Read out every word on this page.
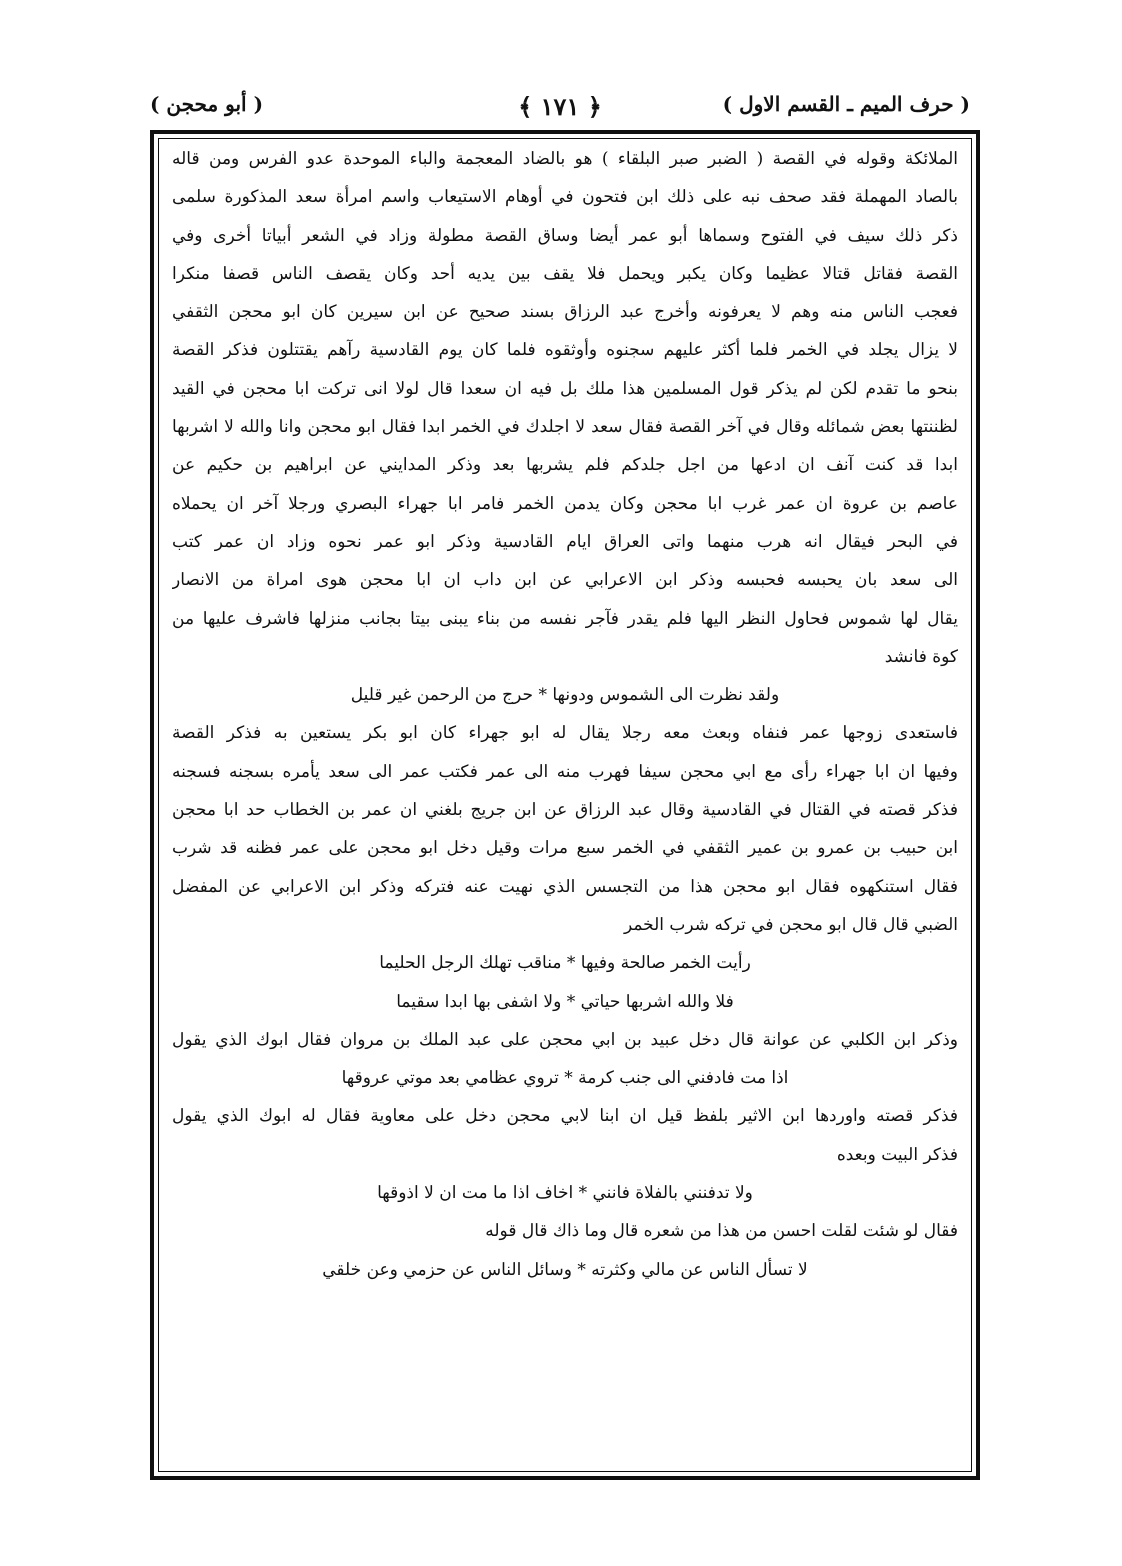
( حرف الميم ـ القسم الاول )
﴿ ١٧١ ﴾
( أبو محجن )
الملائكة وقوله في القصة ( الضبر صبر البلقاء ) هو بالضاد المعجمة والباء الموحدة عدو الفرس ومن قاله
بالصاد المهملة فقد صحف نبه على ذلك ابن فتحون في أوهام الاستيعاب واسم امرأة سعد المذكورة سلمى
ذكر ذلك سيف في الفتوح وسماها أبو عمر أيضا وساق القصة مطولة وزاد في الشعر أبياتا أخرى وفي
القصة فقاتل قتالا عظيما وكان يكبر ويحمل فلا يقف بين يديه أحد وكان يقصف الناس قصفا منكرا
فعجب الناس منه وهم لا يعرفونه وأخرج عبد الرزاق بسند صحيح عن ابن سيرين كان ابو محجن الثقفي
لا يزال يجلد في الخمر فلما أكثر عليهم سجنوه وأوثقوه فلما كان يوم القادسية رآهم يقتتلون فذكر القصة
بنحو ما تقدم لكن لم يذكر قول المسلمين هذا ملك بل فيه ان سعدا قال لولا انى تركت ابا محجن في القيد
لظننتها بعض شمائله وقال في آخر القصة فقال سعد لا اجلدك في الخمر ابدا فقال ابو محجن وانا والله لا اشربها
ابدا قد كنت آنف ان ادعها من اجل جلدكم فلم يشربها بعد وذكر المدايني عن ابراهيم بن حكيم عن
عاصم بن عروة ان عمر غرب ابا محجن وكان يدمن الخمر فامر ابا جهراء البصري ورجلا آخر ان يحملاه
في البحر فيقال انه هرب منهما واتى العراق ايام القادسية وذكر ابو عمر نحوه وزاد ان عمر كتب
الى سعد بان يحبسه فحبسه وذكر ابن الاعرابي عن ابن داب ان ابا محجن هوى امراة من الانصار
يقال لها شموس فحاول النظر اليها فلم يقدر فآجر نفسه من بناء يبنى بيتا بجانب منزلها فاشرف عليها من
كوة فانشد
ولقد نظرت الى الشموس ودونها * حرج من الرحمن غير قليل
فاستعدى زوجها عمر فنفاه وبعث معه رجلا يقال له ابو جهراء كان ابو بكر يستعين به فذكر القصة
وفيها ان ابا جهراء رأى مع ابي محجن سيفا فهرب منه الى عمر فكتب عمر الى سعد يأمره بسجنه فسجنه
فذكر قصته في القتال في القادسية وقال عبد الرزاق عن ابن جريج بلغني ان عمر بن الخطاب حد ابا محجن
ابن حبيب بن عمرو بن عمير الثقفي في الخمر سبع مرات وقيل دخل ابو محجن على عمر فظنه قد شرب
فقال استنكهوه فقال ابو محجن هذا من التجسس الذي نهيت عنه فتركه وذكر ابن الاعرابي عن المفضل
الضبي قال قال ابو محجن في تركه شرب الخمر
رأيت الخمر صالحة وفيها * مناقب تهلك الرجل الحليما
فلا والله اشربها حياتي * ولا اشفى بها ابدا سقيما
وذكر ابن الكلبي عن عوانة قال دخل عبيد بن ابي محجن على عبد الملك بن مروان فقال ابوك الذي يقول
اذا مت فادفني الى جنب كرمة * تروي عظامي بعد موتي عروقها
فذكر قصته واوردها ابن الاثير بلفظ قيل ان ابنا لابي محجن دخل على معاوية فقال له ابوك الذي يقول
فذكر البيت وبعده
ولا تدفنني بالفلاة فانني * اخاف اذا ما مت ان لا اذوقها
فقال لو شئت لقلت احسن من هذا من شعره قال وما ذاك قال قوله
لا تسأل الناس عن مالي وكثرته * وسائل الناس عن حزمي وعن خلقي
